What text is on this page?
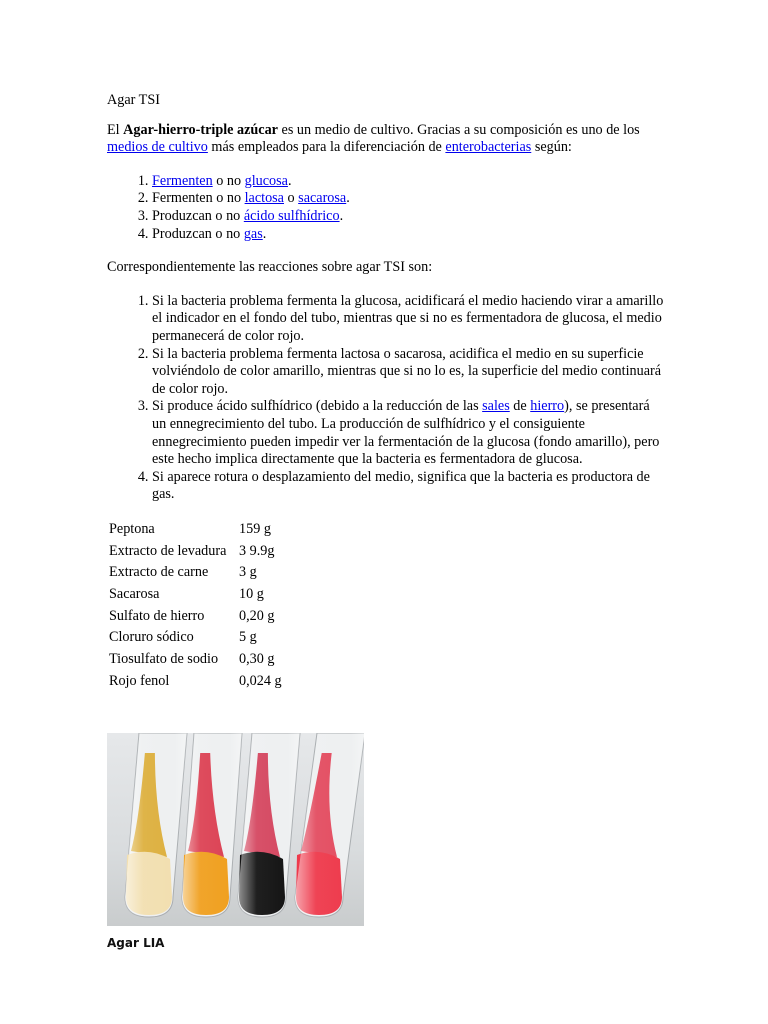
Agar TSI

El Agar-hierro-triple azúcar es un medio de cultivo. Gracias a su composición es uno de los medios de cultivo más empleados para la diferenciación de enterobacterias según:

1. Fermenten o no glucosa.
2. Fermenten o no lactosa o sacarosa.
3. Produzcan o no ácido sulfhídrico.
4. Produzcan o no gas.

Correspondientemente las reacciones sobre agar TSI son:

1. Si la bacteria problema fermenta la glucosa, acidificará el medio haciendo virar a amarillo el indicador en el fondo del tubo, mientras que si no es fermentadora de glucosa, el medio permanecerá de color rojo.
2. Si la bacteria problema fermenta lactosa o sacarosa, acidifica el medio en su superficie volviéndolo de color amarillo, mientras que si no lo es, la superficie del medio continuará de color rojo.
3. Si produce ácido sulfhídrico (debido a la reducción de las sales de hierro), se presentará un ennegrecimiento del tubo. La producción de sulfhídrico y el consiguiente ennegrecimiento pueden impedir ver la fermentación de la glucosa (fondo amarillo), pero este hecho implica directamente que la bacteria es fermentadora de glucosa.
4. Si aparece rotura o desplazamiento del medio, significa que la bacteria es productora de gas.
Peptona	159 g
Extracto de levadura	3 9.9g
Extracto de carne	3 g
Sacarosa	10 g
Sulfato de hierro	0,20 g
Cloruro sódico	5 g
Tiosulfato de sodio	0,30 g
Rojo fenol	0,024 g
Agar LIA
